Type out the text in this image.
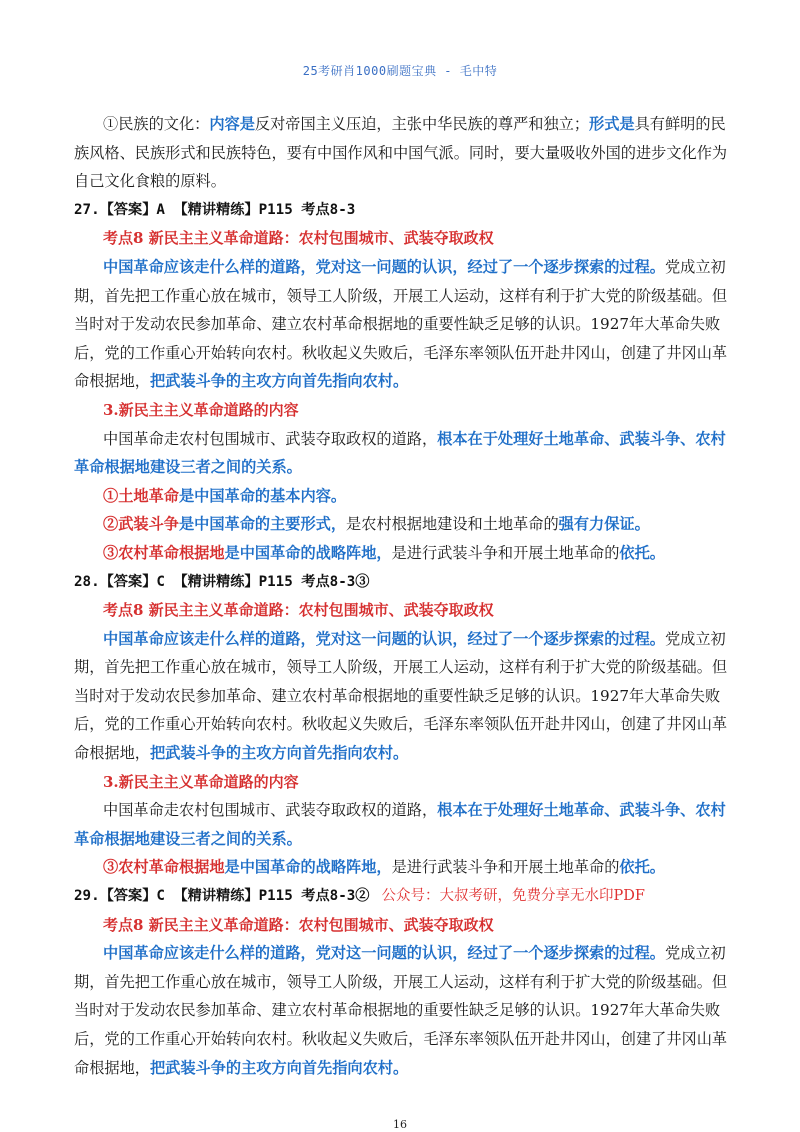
25考研肖1000刷题宝典 - 毛中特

①民族的文化：内容是反对帝国主义压迫，主张中华民族的尊严和独立；形式是具有鲜明的民族风格、民族形式和民族特色，要有中国作风和中国气派。同时，要大量吸收外国的进步文化作为自己文化食粮的原料。

27.【答案】A 【精讲精练】P115 考点8-3

考点8 新民主主义革命道路：农村包围城市、武装夺取政权

中国革命应该走什么样的道路，党对这一问题的认识，经过了一个逐步探索的过程。党成立初期，首先把工作重心放在城市，领导工人阶级，开展工人运动，这样有利于扩大党的阶级基础。但当时对于发动农民参加革命、建立农村革命根据地的重要性缺乏足够的认识。1927年大革命失败后，党的工作重心开始转向农村。秋收起义失败后，毛泽东率领队伍开赴井冈山，创建了井冈山革命根据地，把武装斗争的主攻方向首先指向农村。

3.新民主主义革命道路的内容

中国革命走农村包围城市、武装夺取政权的道路，根本在于处理好土地革命、武装斗争、农村革命根据地建设三者之间的关系。

①土地革命是中国革命的基本内容。

②武装斗争是中国革命的主要形式，是农村根据地建设和土地革命的强有力保证。

③农村革命根据地是中国革命的战略阵地，是进行武装斗争和开展土地革命的依托。

28.【答案】C 【精讲精练】P115 考点8-3③

考点8 新民主主义革命道路：农村包围城市、武装夺取政权

中国革命应该走什么样的道路，党对这一问题的认识，经过了一个逐步探索的过程。党成立初期，首先把工作重心放在城市，领导工人阶级，开展工人运动，这样有利于扩大党的阶级基础。但当时对于发动农民参加革命、建立农村革命根据地的重要性缺乏足够的认识。1927年大革命失败后，党的工作重心开始转向农村。秋收起义失败后，毛泽东率领队伍开赴井冈山，创建了井冈山革命根据地，把武装斗争的主攻方向首先指向农村。

3.新民主主义革命道路的内容

中国革命走农村包围城市、武装夺取政权的道路，根本在于处理好土地革命、武装斗争、农村革命根据地建设三者之间的关系。

③农村革命根据地是中国革命的战略阵地，是进行武装斗争和开展土地革命的依托。

29.【答案】C 【精讲精练】P115 考点8-3② 公众号：大叔考研，免费分享无水印PDF

考点8 新民主主义革命道路：农村包围城市、武装夺取政权

中国革命应该走什么样的道路，党对这一问题的认识，经过了一个逐步探索的过程。党成立初期，首先把工作重心放在城市，领导工人阶级，开展工人运动，这样有利于扩大党的阶级基础。但当时对于发动农民参加革命、建立农村革命根据地的重要性缺乏足够的认识。1927年大革命失败后，党的工作重心开始转向农村。秋收起义失败后，毛泽东率领队伍开赴井冈山，创建了井冈山革命根据地，把武装斗争的主攻方向首先指向农村。

16
